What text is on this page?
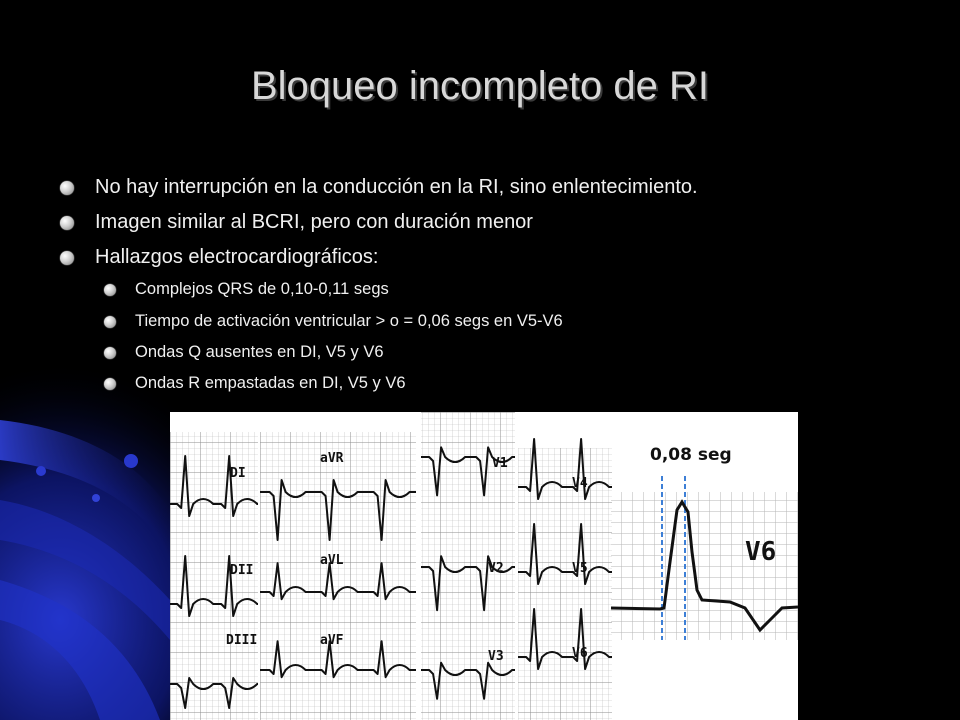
Bloqueo incompleto de RI
No hay interrupción en la conducción en la RI, sino enlentecimiento.
Imagen similar al BCRI, pero con duración menor
Hallazgos electrocardiográficos:
Complejos QRS de 0,10-0,11 segs
Tiempo de activación ventricular > o = 0,06 segs en V5-V6
Ondas Q ausentes en DI, V5 y V6
Ondas R empastadas en DI, V5 y V6
DI
DII
DIII
aVR
aVL
aVF
V1
V2
V3
V4
V5
V6
0,08 seg
V6
